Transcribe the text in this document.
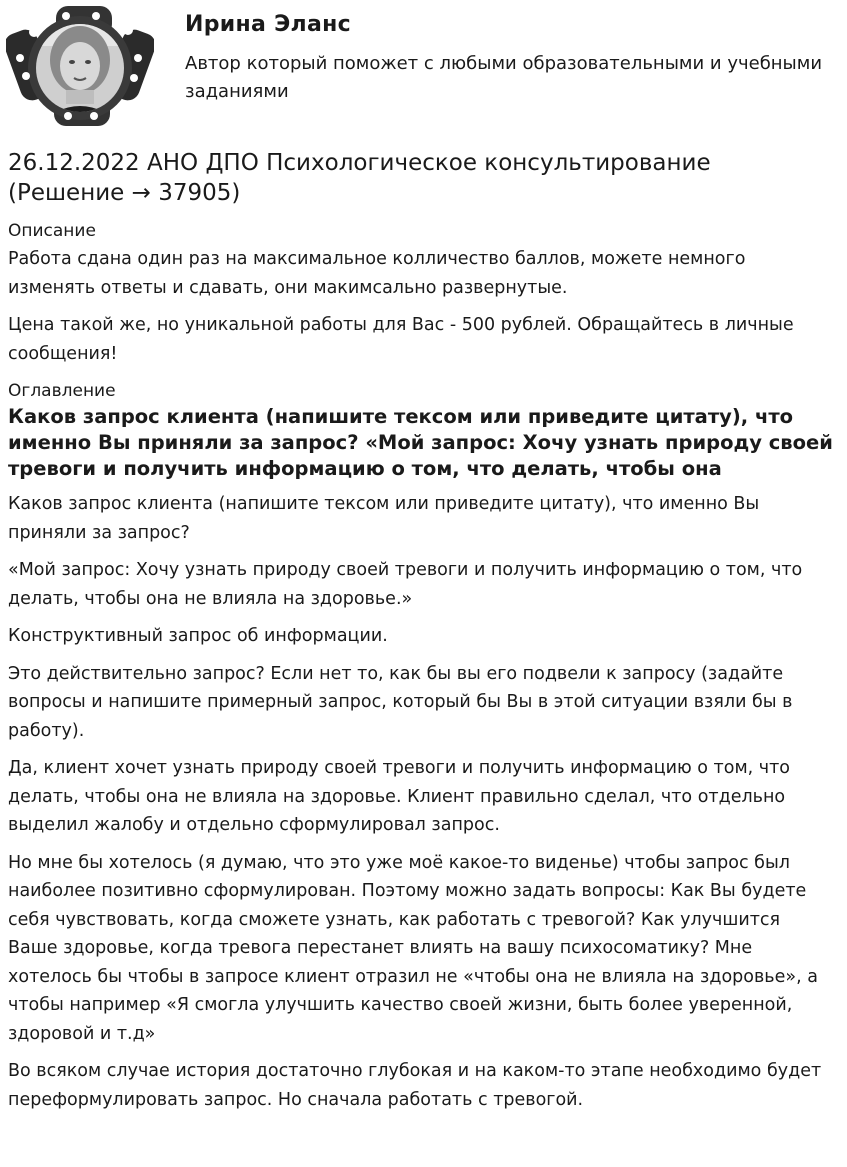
Ирина Эланс
Автор который поможет с любыми образовательными и учебными заданиями
26.12.2022 АНО ДПО Психологическое консультирование (Решение → 37905)
Описание

Работа сдана один раз на максимальное колличество баллов, можете немного изменять ответы и сдавать, они макимсально развернутые.

Цена такой же, но уникальной работы для Вас - 500 рублей. Обращайтесь в личные сообщения!

Оглавление
Каков запрос клиента (напишите тексом или приведите цитату), что именно Вы приняли за запрос? «Мой запрос: Хочу узнать природу своей тревоги и получить информацию о том, что делать, чтобы она

Каков запрос клиента (напишите тексом или приведите цитату), что именно Вы приняли за запрос?

«Мой запрос: Хочу узнать природу своей тревоги и получить информацию о том, что делать, чтобы она не влияла на здоровье.»

Конструктивный запрос об информации.

Это действительно запрос? Если нет то, как бы вы его подвели к запросу (задайте вопросы и напишите примерный запрос, который бы Вы в этой ситуации взяли бы в работу).

Да, клиент хочет узнать природу своей тревоги и получить информацию о том, что делать, чтобы она не влияла на здоровье. Клиент правильно сделал, что отдельно выделил жалобу и отдельно сформулировал запрос.

Но мне бы хотелось (я думаю, что это уже моё какое-то виденье) чтобы запрос был наиболее позитивно сформулирован. Поэтому можно задать вопросы: Как Вы будете себя чувствовать, когда сможете узнать, как работать с тревогой? Как улучшится Ваше здоровье, когда тревога перестанет влиять на вашу психосоматику? Мне хотелось бы чтобы в запросе клиент отразил не «чтобы она не влияла на здоровье», а чтобы например «Я смогла улучшить качество своей жизни, быть более уверенной, здоровой и т.д»

Во всяком случае история достаточно глубокая и на каком-то этапе необходимо будет переформулировать запрос. Но сначала работать с тревогой.
